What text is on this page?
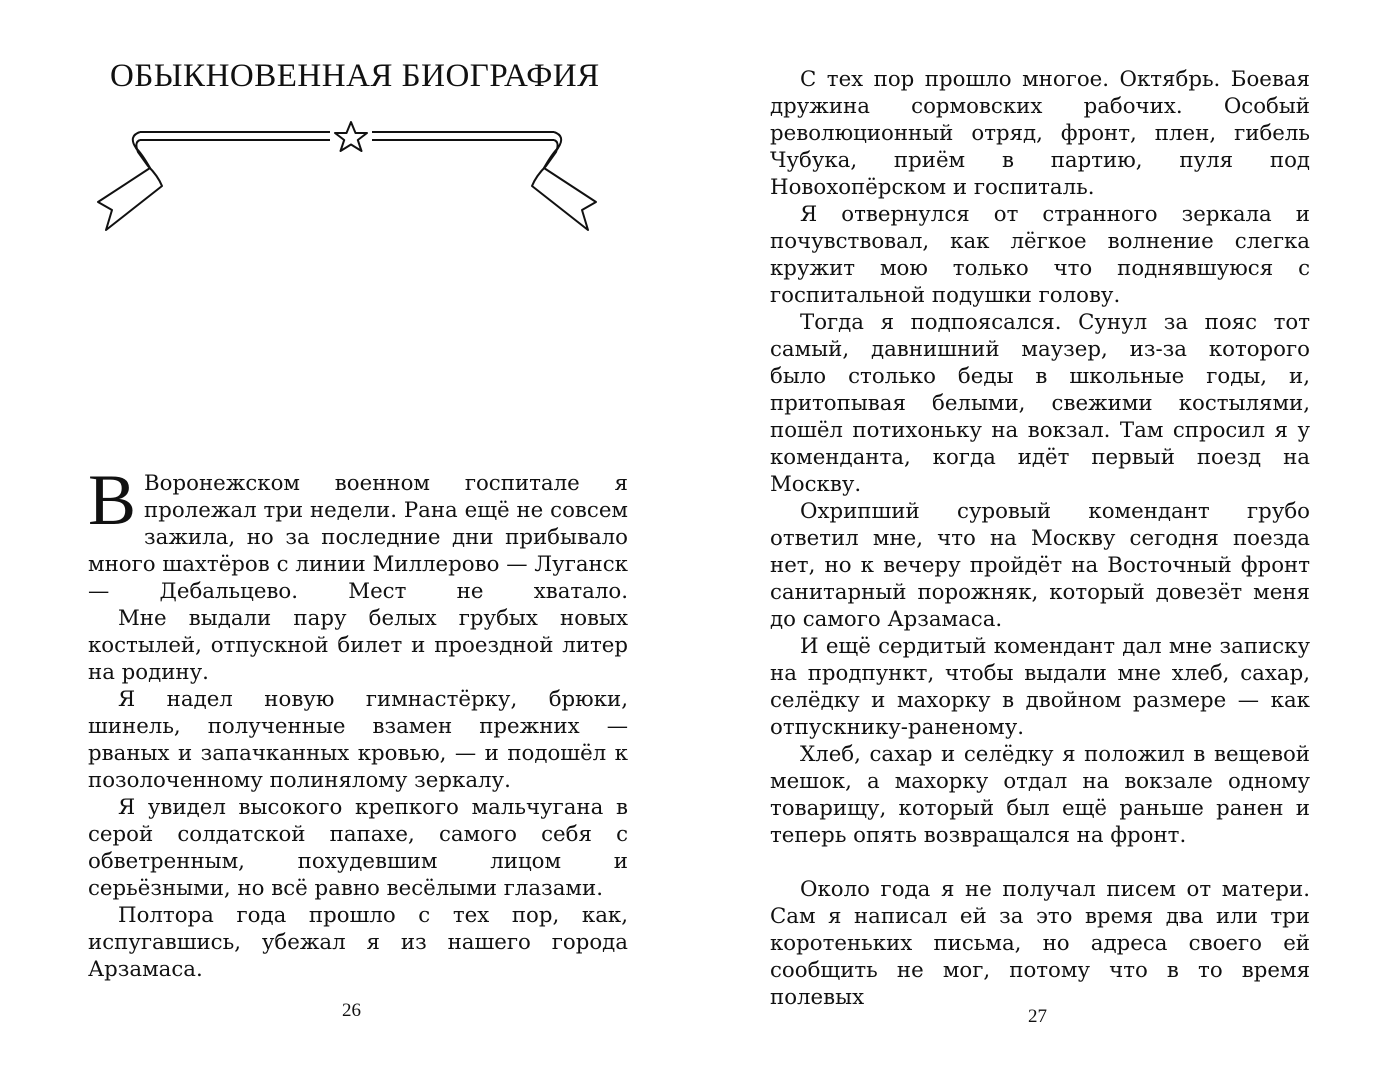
ОБЫКНОВЕННАЯ БИОГРАФИЯ

В Воронежском военном госпитале я пролежал три недели. Рана ещё не совсем зажила, но за последние дни прибывало много шахтёров с линии Миллерово — Луганск — Дебальцево. Мест не хватало.

Мне выдали пару белых грубых новых костылей, отпускной билет и проездной литер на родину.

Я надел новую гимнастёрку, брюки, шинель, полученные взамен прежних — рваных и запачканных кровью, — и подошёл к позолоченному полинялому зеркалу.

Я увидел высокого крепкого мальчугана в серой солдатской папахе, самого себя с обветренным, похудевшим лицом и серьёзными, но всё равно весёлыми глазами.

Полтора года прошло с тех пор, как, испугавшись, убежал я из нашего города Арзамаса.

26

С тех пор прошло многое. Октябрь. Боевая дружина сормовских рабочих. Особый революционный отряд, фронт, плен, гибель Чубука, приём в партию, пуля под Новохопёрском и госпиталь.

Я отвернулся от странного зеркала и почувствовал, как лёгкое волнение слегка кружит мою только что поднявшуюся с госпитальной подушки голову.

Тогда я подпоясался. Сунул за пояс тот самый, давнишний маузер, из-за которого было столько беды в школьные годы, и, притопывая белыми, свежими костылями, пошёл потихоньку на вокзал. Там спросил я у коменданта, когда идёт первый поезд на Москву.

Охрипший суровый комендант грубо ответил мне, что на Москву сегодня поезда нет, но к вечеру пройдёт на Восточный фронт санитарный порожняк, который довезёт меня до самого Арзамаса.

И ещё сердитый комендант дал мне записку на продпункт, чтобы выдали мне хлеб, сахар, селёдку и махорку в двойном размере — как отпускнику-раненому.

Хлеб, сахар и селёдку я положил в вещевой мешок, а махорку отдал на вокзале одному товарищу, который был ещё раньше ранен и теперь опять возвращался на фронт.

Около года я не получал писем от матери. Сам я написал ей за это время два или три коротеньких письма, но адреса своего ей сообщить не мог, потому что в то время полевых

27
